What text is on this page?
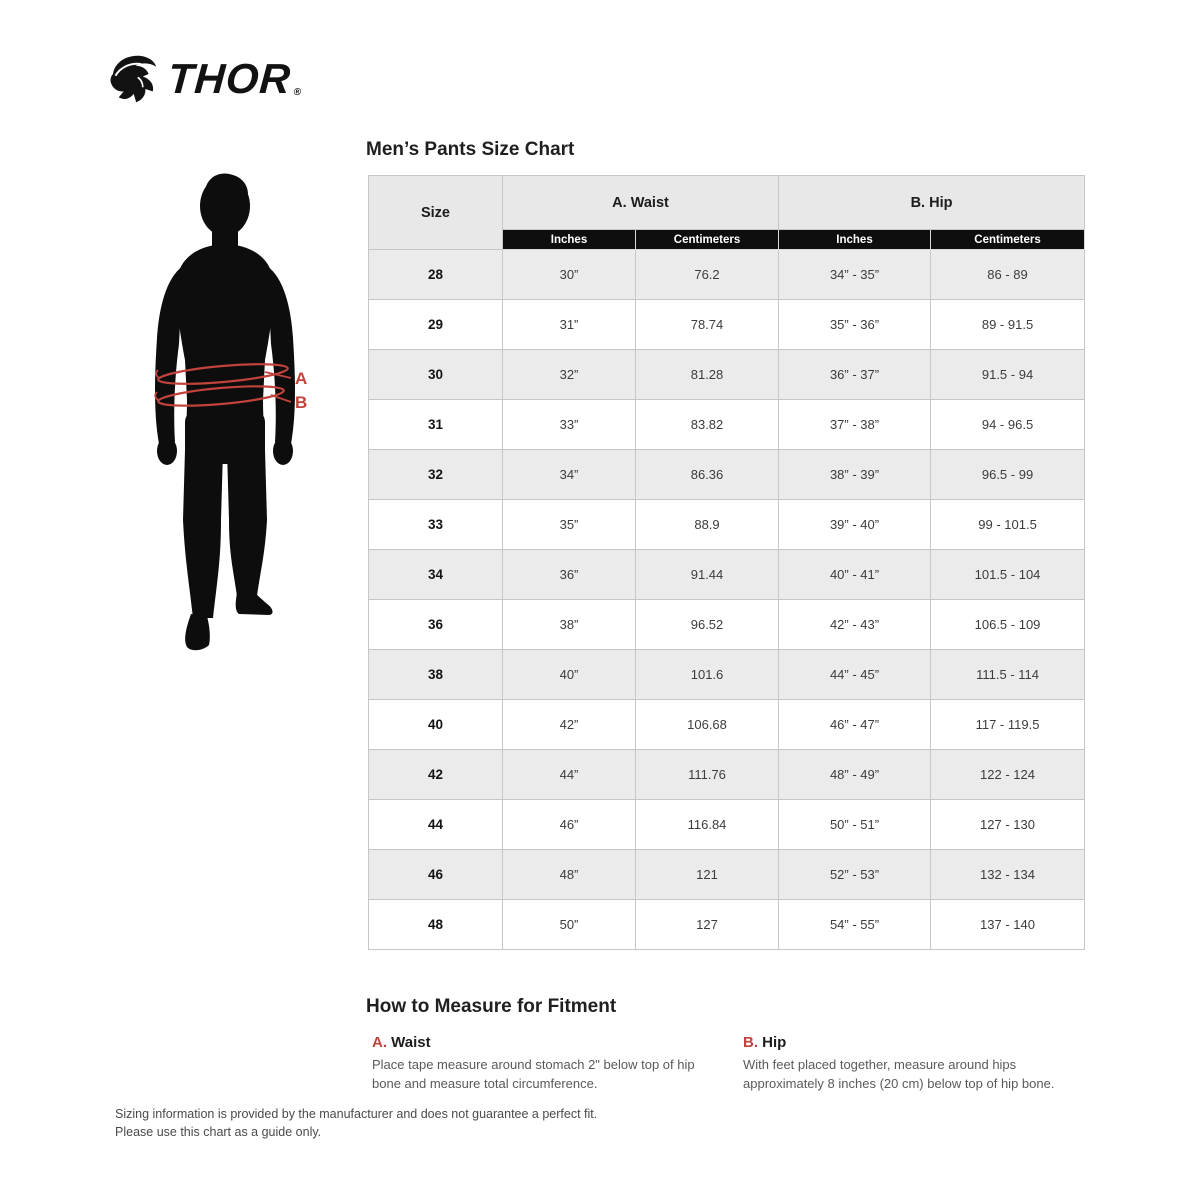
THOR ®
A
B
Men’s Pants Size Chart
Size	A. Waist		B. Hip	
	Inches	Centimeters	Inches	Centimeters
28	30”	76.2	34” - 35”	86 - 89
29	31”	78.74	35” - 36”	89 - 91.5
30	32”	81.28	36” - 37”	91.5 - 94
31	33”	83.82	37” - 38”	94 - 96.5
32	34”	86.36	38” - 39”	96.5 - 99
33	35”	88.9	39” - 40”	99 - 101.5
34	36”	91.44	40” - 41”	101.5 - 104
36	38”	96.52	42” - 43”	106.5 - 109
38	40”	101.6	44” - 45”	111.5 - 114
40	42”	106.68	46” - 47”	117 - 119.5
42	44”	111.76	48” - 49”	122 - 124
44	46”	116.84	50” - 51”	127 - 130
46	48”	121	52” - 53”	132 - 134
48	50”	127	54” - 55”	137 - 140
How to Measure for Fitment
A. Waist
Place tape measure around stomach 2" below top of hip bone and measure total circumference.
B. Hip
With feet placed together, measure around hips approximately 8 inches (20 cm) below top of hip bone.
Sizing information is provided by the manufacturer and does not guarantee a perfect fit.
Please use this chart as a guide only.
